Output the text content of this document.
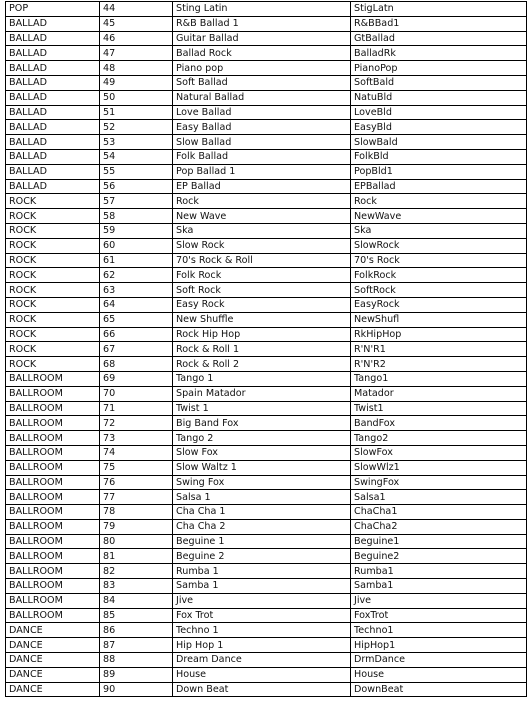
POP	44	Sting Latin	StigLatn
BALLAD	45	R&B Ballad 1	R&BBad1
BALLAD	46	Guitar Ballad	GtBallad
BALLAD	47	Ballad Rock	BalladRk
BALLAD	48	Piano pop	PianoPop
BALLAD	49	Soft Ballad	SoftBald
BALLAD	50	Natural Ballad	NatuBld
BALLAD	51	Love Ballad	LoveBld
BALLAD	52	Easy Ballad	EasyBld
BALLAD	53	Slow Ballad	SlowBald
BALLAD	54	Folk Ballad	FolkBld
BALLAD	55	Pop Ballad 1	PopBld1
BALLAD	56	EP Ballad	EPBallad
ROCK	57	Rock	Rock
ROCK	58	New Wave	NewWave
ROCK	59	Ska	Ska
ROCK	60	Slow Rock	SlowRock
ROCK	61	70's Rock & Roll	70's Rock
ROCK	62	Folk Rock	FolkRock
ROCK	63	Soft Rock	SoftRock
ROCK	64	Easy Rock	EasyRock
ROCK	65	New Shuffle	NewShufl
ROCK	66	Rock Hip Hop	RkHipHop
ROCK	67	Rock & Roll 1	R'N'R1
ROCK	68	Rock & Roll 2	R'N'R2
BALLROOM	69	Tango 1	Tango1
BALLROOM	70	Spain Matador	Matador
BALLROOM	71	Twist 1	Twist1
BALLROOM	72	Big Band Fox	BandFox
BALLROOM	73	Tango 2	Tango2
BALLROOM	74	Slow Fox	SlowFox
BALLROOM	75	Slow Waltz 1	SlowWlz1
BALLROOM	76	Swing Fox	SwingFox
BALLROOM	77	Salsa 1	Salsa1
BALLROOM	78	Cha Cha 1	ChaCha1
BALLROOM	79	Cha Cha 2	ChaCha2
BALLROOM	80	Beguine 1	Beguine1
BALLROOM	81	Beguine 2	Beguine2
BALLROOM	82	Rumba 1	Rumba1
BALLROOM	83	Samba 1	Samba1
BALLROOM	84	Jive	Jive
BALLROOM	85	Fox Trot	FoxTrot
DANCE	86	Techno 1	Techno1
DANCE	87	Hip Hop 1	HipHop1
DANCE	88	Dream Dance	DrmDance
DANCE	89	House	House
DANCE	90	Down Beat	DownBeat
